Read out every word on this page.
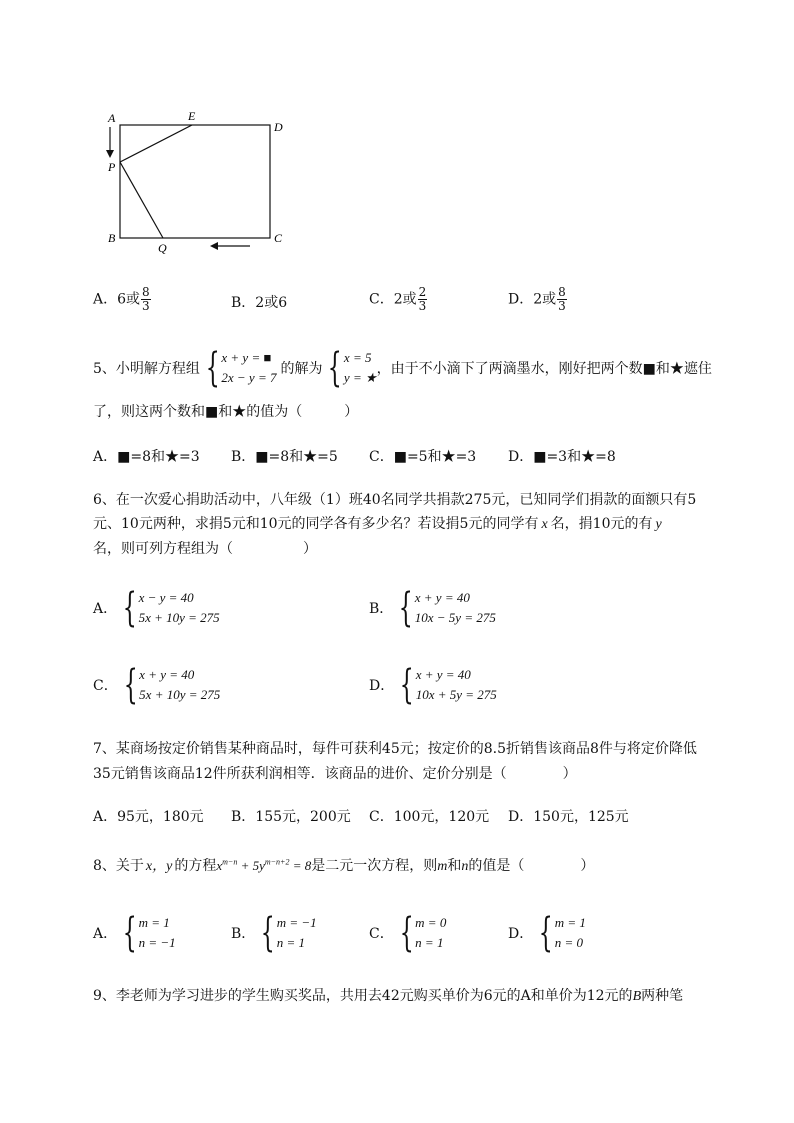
A	E
D
P
B
Q
C
A．6或 $\frac{8}{3}$	B．2或6	C．2或 $\frac{2}{3}$	D．2或 $\frac{8}{3}$
5、小明解方程组 { x + y = ■
2x − y = 7
的解为 { x = 5
y = ★
，由于不小滴下了两滴墨水，刚好把两个数■和★遮住
了，则这两个数和■和★的值为（　　　）
A．■=8和★=3 B．■=8和★=5 C．■=5和★=3 D．■=3和★=8
6、在一次爱心捐助活动中，八年级（1）班40名同学共捐款275元，已知同学们捐款的面额只有5
元、10元两种，求捐5元和10元的同学各有多少名？若设捐5元的同学有 x 名，捐10元的有 y
名，则可列方程组为（　　　　　）
A． { x − y = 40
5x + 10y = 275
B． { x + y = 40
10x − 5y = 275
C． { x + y = 40
5x + 10y = 275
D． { x + y = 40
10x + 5y = 275
7、某商场按定价销售某种商品时，每件可获利45元；按定价的8.5折销售该商品8件与将定价降低
35元销售该商品12件所获利润相等．该商品的进价、定价分别是（　　　　）
A．95元，180元 B．155元，200元 C．100元，120元 D．150元，125元
8、关于 x，y 的方程$x^{m-n} + 5y^{m-n+2} = 8$是二元一次方程，则m和n的值是（　　　　）
A． { m = 1
n = −1
B． { m = −1
n = 1
C． { m = 0
n = 1
D． { m = 1
n = 0
9、李老师为学习进步的学生购买奖品，共用去42元购买单价为6元的A和单价为12元的B两种笔
